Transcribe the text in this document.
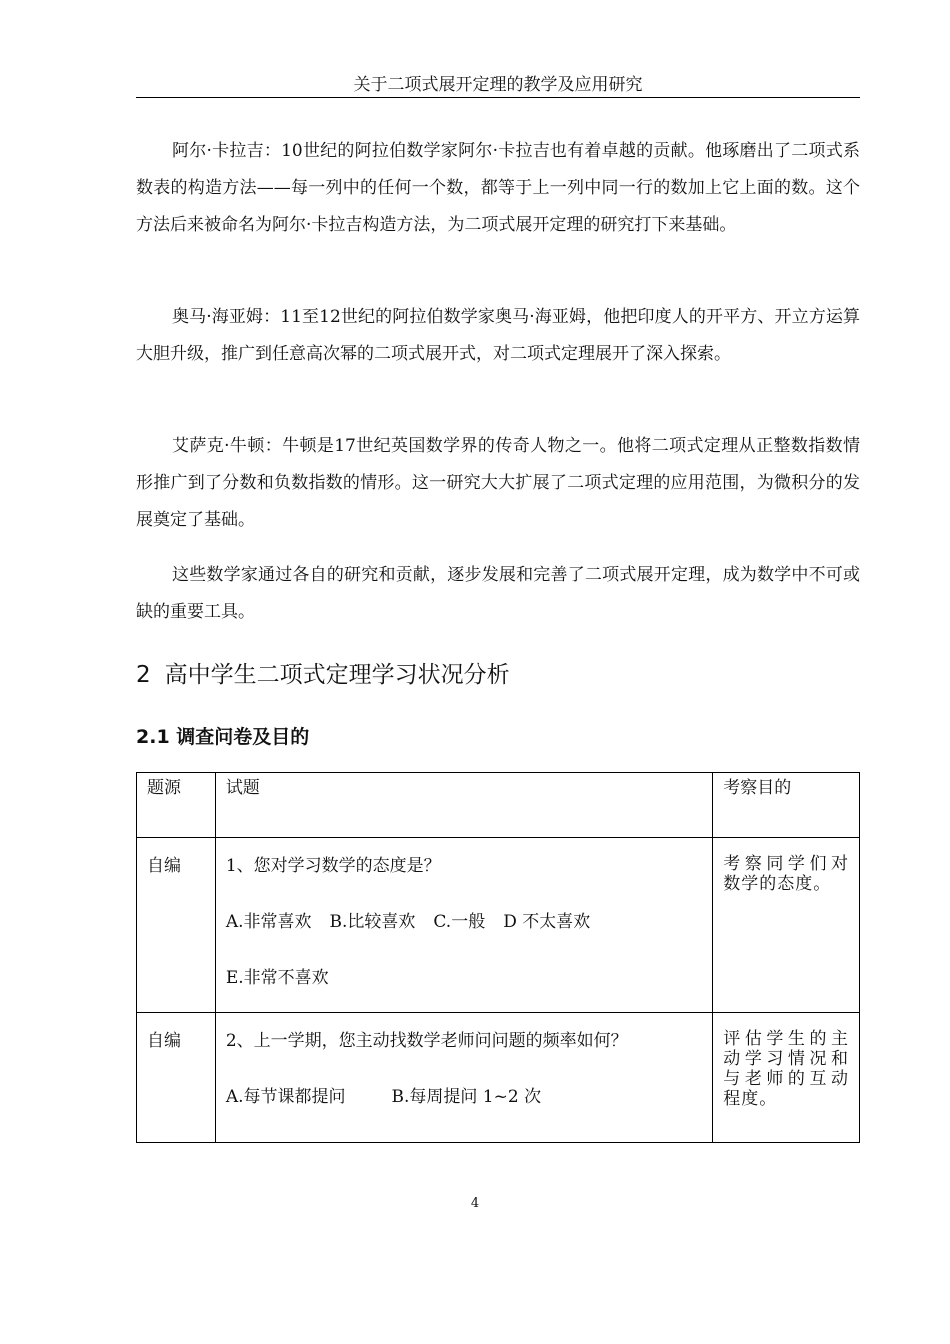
关于二项式展开定理的教学及应用研究

阿尔·卡拉吉：10世纪的阿拉伯数学家阿尔·卡拉吉也有着卓越的贡献。他琢磨出了二项式系数表的构造方法——每一列中的任何一个数，都等于上一列中同一行的数加上它上面的数。这个方法后来被命名为阿尔·卡拉吉构造方法，为二项式展开定理的研究打下来基础。

奥马·海亚姆：11至12世纪的阿拉伯数学家奥马·海亚姆，他把印度人的开平方、开立方运算大胆升级，推广到任意高次幂的二项式展开式，对二项式定理展开了深入探索。

艾萨克·牛顿：牛顿是17世纪英国数学界的传奇人物之一。他将二项式定理从正整数指数情形推广到了分数和负数指数的情形。这一研究大大扩展了二项式定理的应用范围，为微积分的发展奠定了基础。

这些数学家通过各自的研究和贡献，逐步发展和完善了二项式展开定理，成为数学中不可或缺的重要工具。

2 高中学生二项式定理学习状况分析
2.1 调查问卷及目的
题源	试题	考察目的

自编	1、您对学习数学的态度是？
A.非常喜欢 B.比较喜欢 C.一般 D 不太喜欢
E.非常不喜欢	考察同学们对数学的态度。

自编	2、上一学期，您主动找数学老师问问题的频率如何？
A.每节课都提问 B.每周提问 1~2 次	评估学生的主动学习情况和与老师的互动程度。
4
